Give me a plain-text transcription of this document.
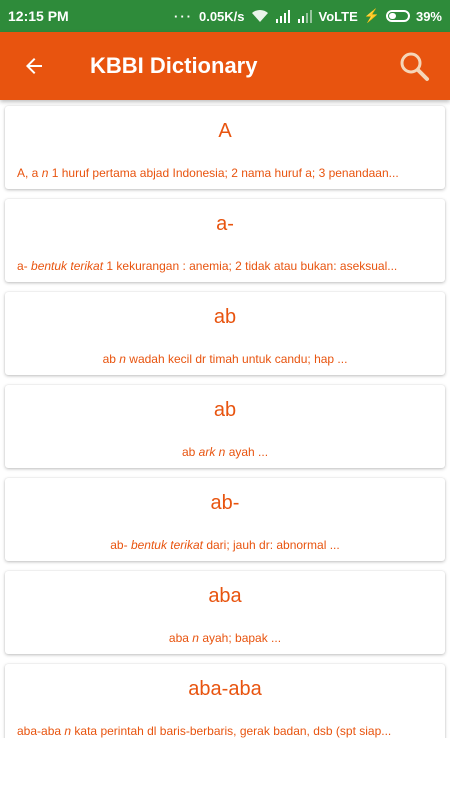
12:15 PM	··· 0.05K/s	VoLTE ⚡	39%
KBBI Dictionary
A
A, a n 1 huruf pertama abjad Indonesia; 2 nama huruf a; 3 penandaan...
a-
a- bentuk terikat 1 kekurangan : anemia; 2 tidak atau bukan: aseksual...
ab
ab n wadah kecil dr timah untuk candu; hap ...
ab
ab ark n ayah ...
ab-
ab- bentuk terikat dari; jauh dr: abnormal ...
aba
aba n ayah; bapak ...
aba-aba
aba-aba n kata perintah dl baris-berbaris, gerak badan, dsb (spt siap...
